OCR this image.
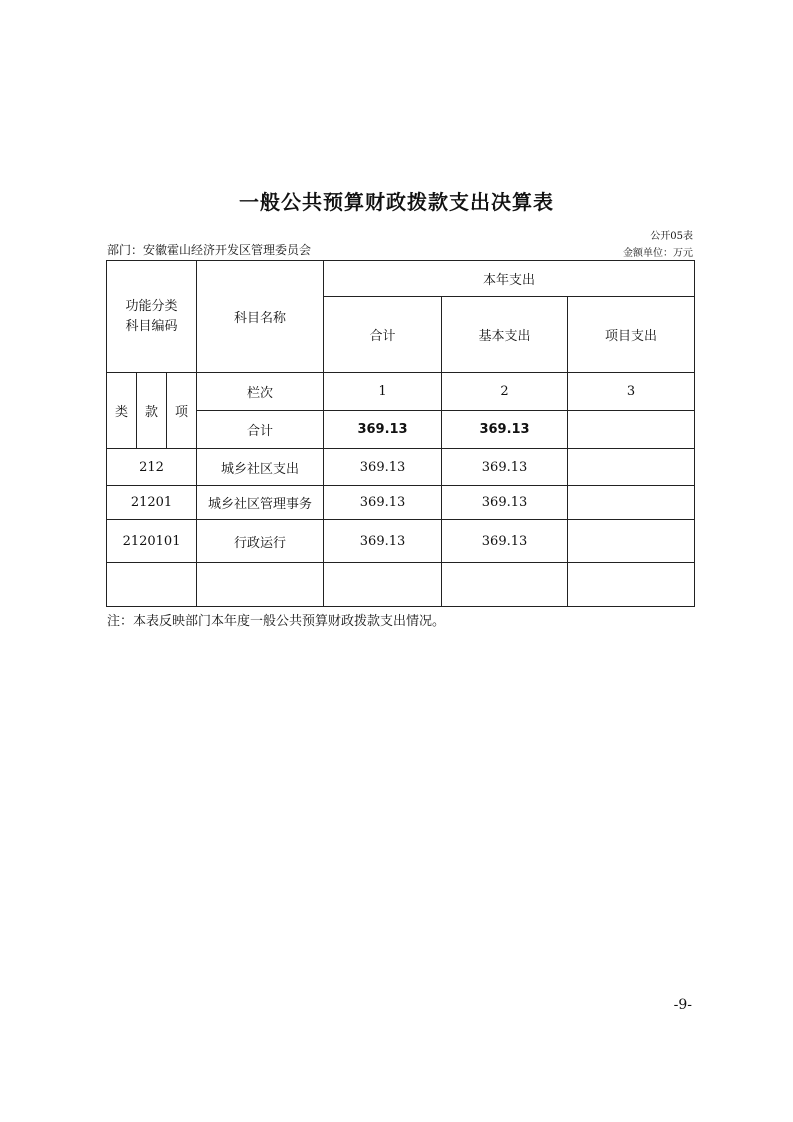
一般公共预算财政拨款支出决算表
公开05表
部门：安徽霍山经济开发区管理委员会	金额单位：万元
功能分类科目编码			科目名称	本年支出		
				合计	基本支出	项目支出

类	款	项	栏次	1	2	3
			合计	369.13	369.13	
212			城乡社区支出	369.13	369.13	
21201			城乡社区管理事务	369.13	369.13	
2120101			行政运行	369.13	369.13	

注：本表反映部门本年度一般公共预算财政拨款支出情况。
-9-
